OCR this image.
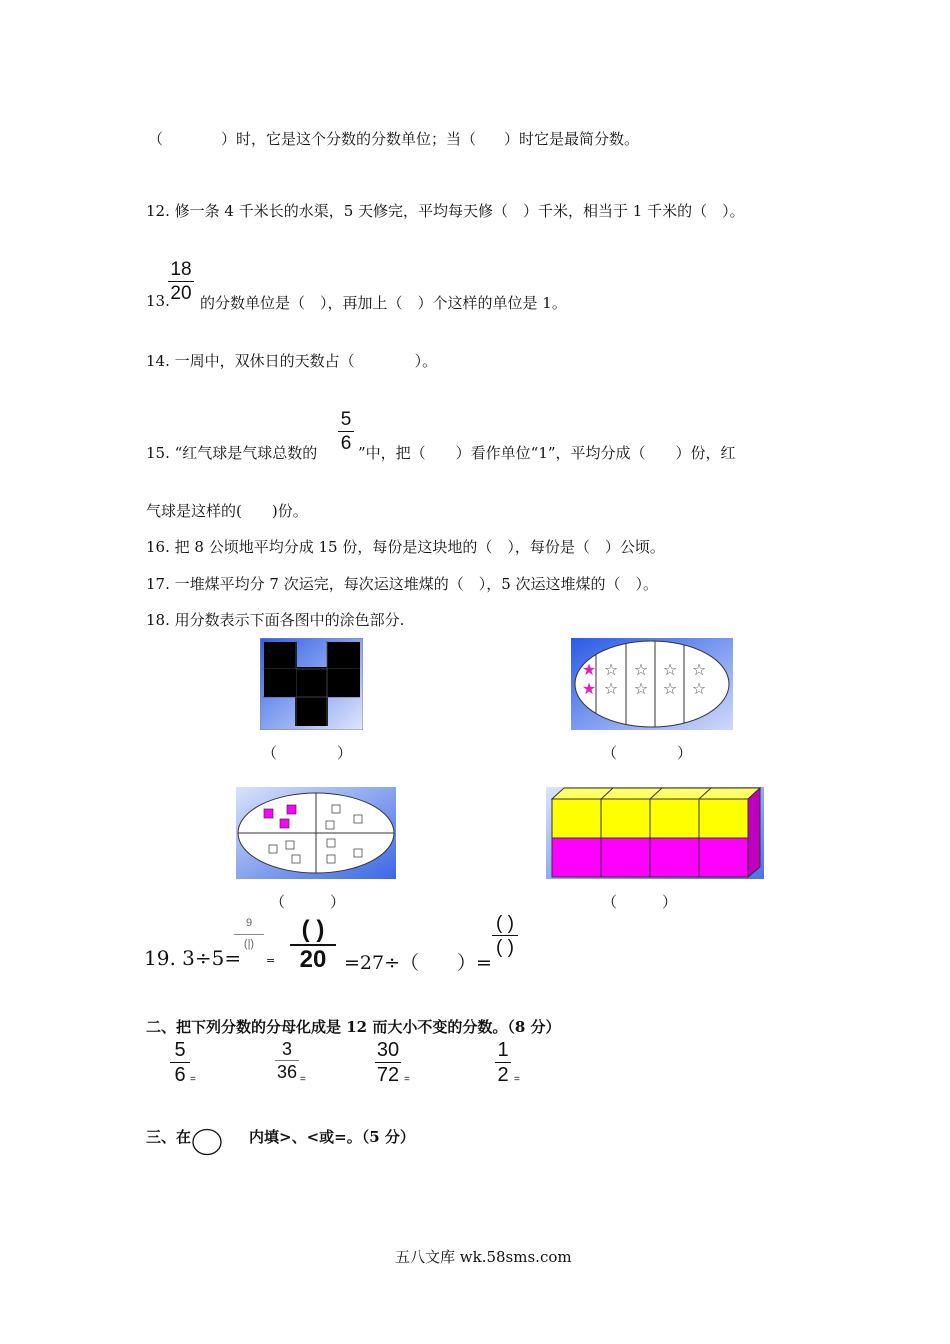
（	）时，它是这个分数的分数单位；当（ ）时它是最简分数。
12. 修一条 4 千米长的水渠，5 天修完，平均每天修（　）千米，相当于 1 千米的（　）。
13.
18
20 的分数单位是（　），再加上（　）个这样的单位是 1。
14. 一周中，双休日的天数占（　　　　）。
15. “红气球是气球总数的
5
6 ”中，把（　　）看作单位“1”，平均分成（　　）份，红
气球是这样的(　　)份。
16. 把 8 公顷地平均分成 15 份，每份是这块地的（　），每份是（　）公顷。
17. 一堆煤平均分 7 次运完，每次运这堆煤的（　），5 次运这堆煤的（　）。
18. 用分数表示下面各图中的涂色部分.
（　　　　）
★
★
☆
☆
☆
☆
☆
☆
☆
☆
（　　　　）
（　　　）	（　　　）
19. 3÷5=
9
(|)
=
( )
20 =27÷（　　）=
( )
( )
二、把下列分数的分母化成是 12 而大小不变的分数。（8 分）
5
6 =
3
36 =
30
72 =
1
2 =
三、在	内填>、<或=。（5 分）
五八文库 wk.58sms.com
